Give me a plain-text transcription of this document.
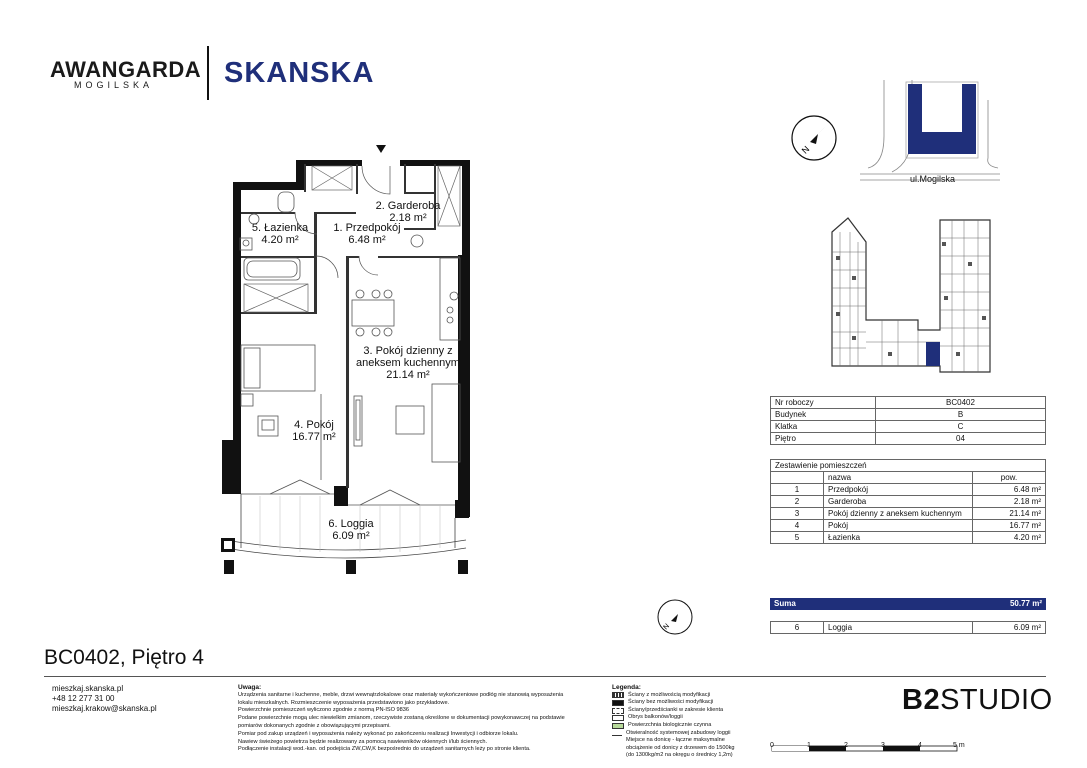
AWANGARDA
MOGILSKA SKANSKA
2. Garderoba
2.18 m²
5. Łazienka
4.20 m²
1. Przedpokój
6.48 m²
3. Pokój dzienny z
aneksem kuchennym
21.14 m²
4. Pokój
16.77 m²
6. Loggia
6.09 m²
N
ul.Mogilska
Nr roboczy	BC0402
Budynek	B
Klatka	C
Piętro	04
Zestawienie pomieszczeń		
	nazwa	pow.
1	Przedpokój	6.48 m²
2	Garderoba	2.18 m²
3	Pokój dzienny z aneksem kuchennym	21.14 m²
4	Pokój	16.77 m²
5	Łazienka	4.20 m²
N
Suma	50.77 m²
6	Loggia	6.09 m²
BC0402, Piętro 4
mieszkaj.skanska.pl
+48 12 277 31 00
mieszkaj.krakow@skanska.pl
Uwaga:
Urządzenia sanitarne i kuchenne, meble, drzwi wewnątrzlokalowe oraz materiały wykończeniowe podłóg nie stanowią wyposażenia
lokalu mieszkalnych. Rozmieszczenie wyposażenia przedstawiono jako przykładowe.
Powierzchnie pomieszczeń wyliczono zgodnie z normą PN-ISO 9836
Podane powierzchnie mogą ulec niewielkim zmianom, rzeczywiste zostaną określone w dokumentacji powykonawczej na podstawie
pomiarów dokonanych zgodnie z obowiązującymi przepisami.
Pomiar pod zakup urządzeń i wyposażenia należy wykonać po zakończeniu realizacji Inwestycji i odbiorze lokalu.
Nawiew świeżego powietrza będzie realizowany za pomocą nawiewników okiennych i/lub ściennych.
Podłączenie instalacji wod.-kan. od podejścia ZW,CW,K bezpośrednio do urządzeń sanitarnych leży po stronie klienta.
Legenda:
Ściany z możliwością modyfikacji
Ściany bez możliwości modyfikacji
Ściany/przedścianki w zakresie klienta
Obrys balkonów/loggii
Powierzchnia biologicznie czynna
Otwieralność systemowej zabudowy loggii
Miejsce na donicę - łączne maksymalne
obciążenie od donicy z drzewem do 1500kg
(do 1300kg/m2 na okręgu o średnicy 1,2m)
B2STUDIO
0	1	2	3	4	5 m
